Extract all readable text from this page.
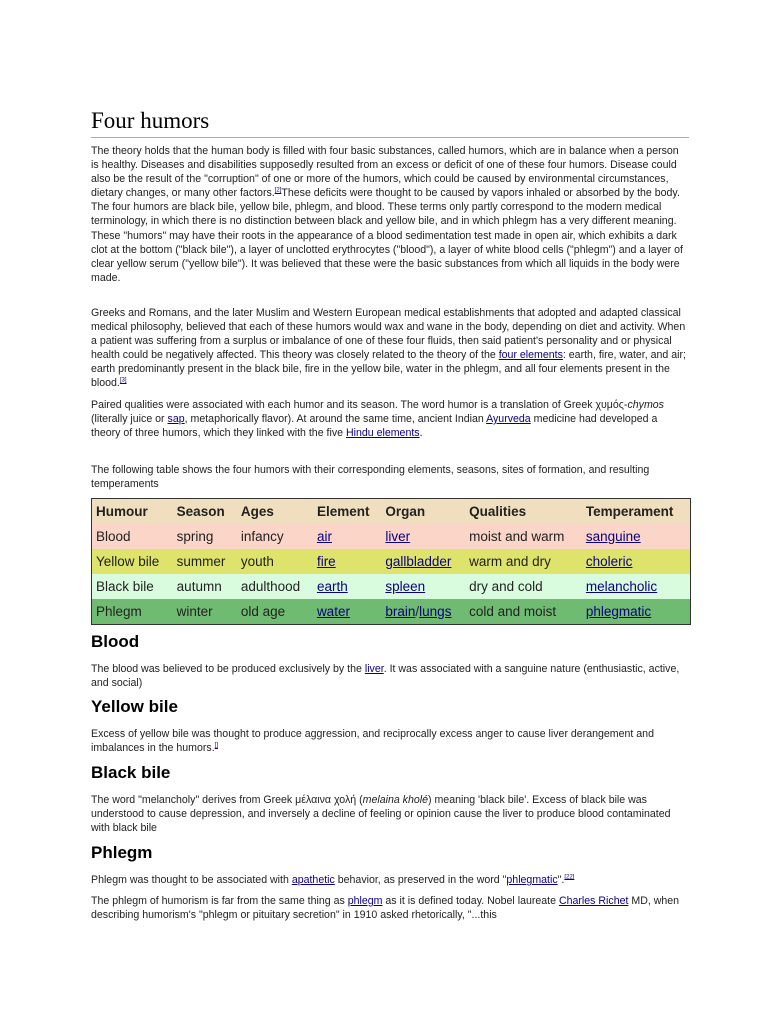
Four humors

The theory holds that the human body is filled with four basic substances, called humors, which are in balance when a person is healthy. Diseases and disabilities supposedly resulted from an excess or deficit of one of these four humors. Disease could also be the result of the "corruption" of one or more of the humors, which could be caused by environmental circumstances, dietary changes, or many other factors.[2]These deficits were thought to be caused by vapors inhaled or absorbed by the body. The four humors are black bile, yellow bile, phlegm, and blood. These terms only partly correspond to the modern medical terminology, in which there is no distinction between black and yellow bile, and in which phlegm has a very different meaning. These "humors" may have their roots in the appearance of a blood sedimentation test made in open air, which exhibits a dark clot at the bottom ("black bile"), a layer of unclotted erythrocytes ("blood"), a layer of white blood cells ("phlegm") and a layer of clear yellow serum ("yellow bile"). It was believed that these were the basic substances from which all liquids in the body were made.

Greeks and Romans, and the later Muslim and Western European medical establishments that adopted and adapted classical medical philosophy, believed that each of these humors would wax and wane in the body, depending on diet and activity. When a patient was suffering from a surplus or imbalance of one of these four fluids, then said patient's personality and or physical health could be negatively affected. This theory was closely related to the theory of the four elements: earth, fire, water, and air; earth predominantly present in the black bile, fire in the yellow bile, water in the phlegm, and all four elements present in the blood.[3]

Paired qualities were associated with each humor and its season. The word humor is a translation of Greek χυμός-chymos (literally juice or sap, metaphorically flavor). At around the same time, ancient Indian Ayurveda medicine had developed a theory of three humors, which they linked with the five Hindu elements.

The following table shows the four humors with their corresponding elements, seasons, sites of formation, and resulting temperaments

Humour	Season	Ages	Element	Organ	Qualities	Temperament
Blood	spring	infancy	air	liver	moist and warm	sanguine
Yellow bile	summer	youth	fire	gallbladder	warm and dry	choleric
Black bile	autumn	adulthood	earth	spleen	dry and cold	melancholic
Phlegm	winter	old age	water	brain/lungs	cold and moist	phlegmatic
Blood

The blood was believed to be produced exclusively by the liver. It was associated with a sanguine nature (enthusiastic, active, and social)

Yellow bile

Excess of yellow bile was thought to produce aggression, and reciprocally excess anger to cause liver derangement and imbalances in the humors.[]

Black bile

The word "melancholy" derives from Greek μέλαινα χολή (melaina kholé) meaning 'black bile'. Excess of black bile was understood to cause depression, and inversely a decline of feeling or opinion cause the liver to produce blood contaminated with black bile

Phlegm

Phlegm was thought to be associated with apathetic behavior, as preserved in the word "phlegmatic".[22]

The phlegm of humorism is far from the same thing as phlegm as it is defined today. Nobel laureate Charles Richet MD, when describing humorism's "phlegm or pituitary secretion" in 1910 asked rhetorically, "...this
